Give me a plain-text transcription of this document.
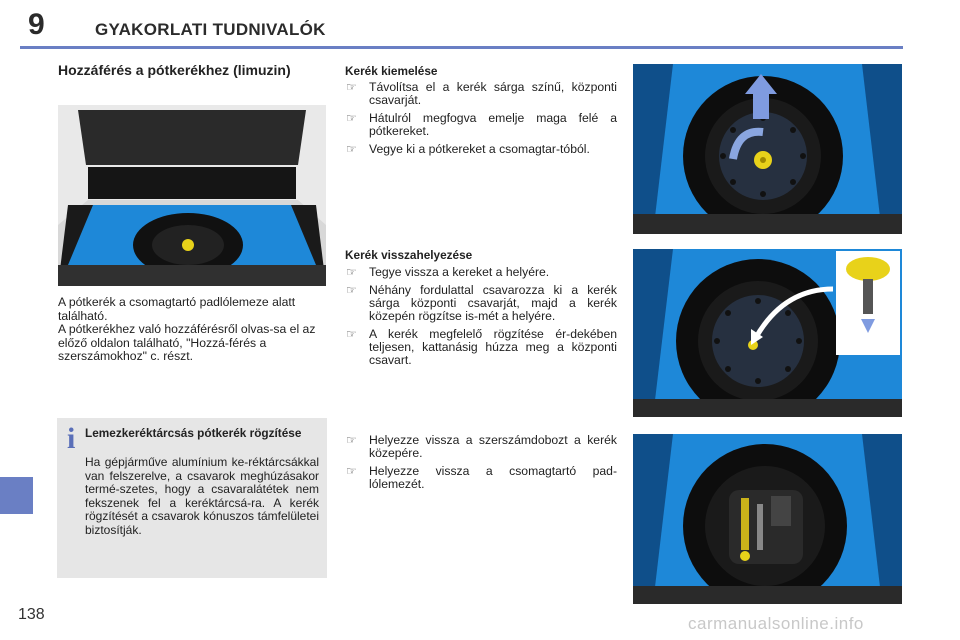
9	GYAKORLATI TUDNIVALÓK
Hozzáférés a pótkerékhez (limuzin)
A pótkerék a csomagtartó padlólemeze alatt található.
A pótkerékhez való hozzáférésről olvas-sa el az előző oldalon található, "Hozzá-férés a szerszámokhoz" c. részt.
i Lemezkeréktárcsás pótkerék rögzítése
Ha gépjárműve alumínium ke-réktárcsákkal van felszerelve, a csavarok meghúzásakor termé-szetes, hogy a csavaralátétek nem fekszenek fel a keréktárcsá-ra. A kerék rögzítését a csavarok kónuszos támfelületei biztosítják.
Kerék kiemelése
☞ Távolítsa el a kerék sárga színű, központi csavarját.
☞ Hátulról megfogva emelje maga felé a pótkereket.
☞ Vegye ki a pótkereket a csomagtar-tóból.
Kerék visszahelyezése
☞ Tegye vissza a kereket a helyére.
☞ Néhány fordulattal csavarozza ki a kerék sárga központi csavarját, majd a kerék közepén rögzítse is-mét a helyére.
☞ A kerék megfelelő rögzítése ér-dekében teljesen, kattanásig húzza meg a központi csavart.
☞ Helyezze vissza a szerszámdobozt a kerék közepére.
☞ Helyezze vissza a csomagtartó pad-lólemezét.
138	carmanualsonline.info
